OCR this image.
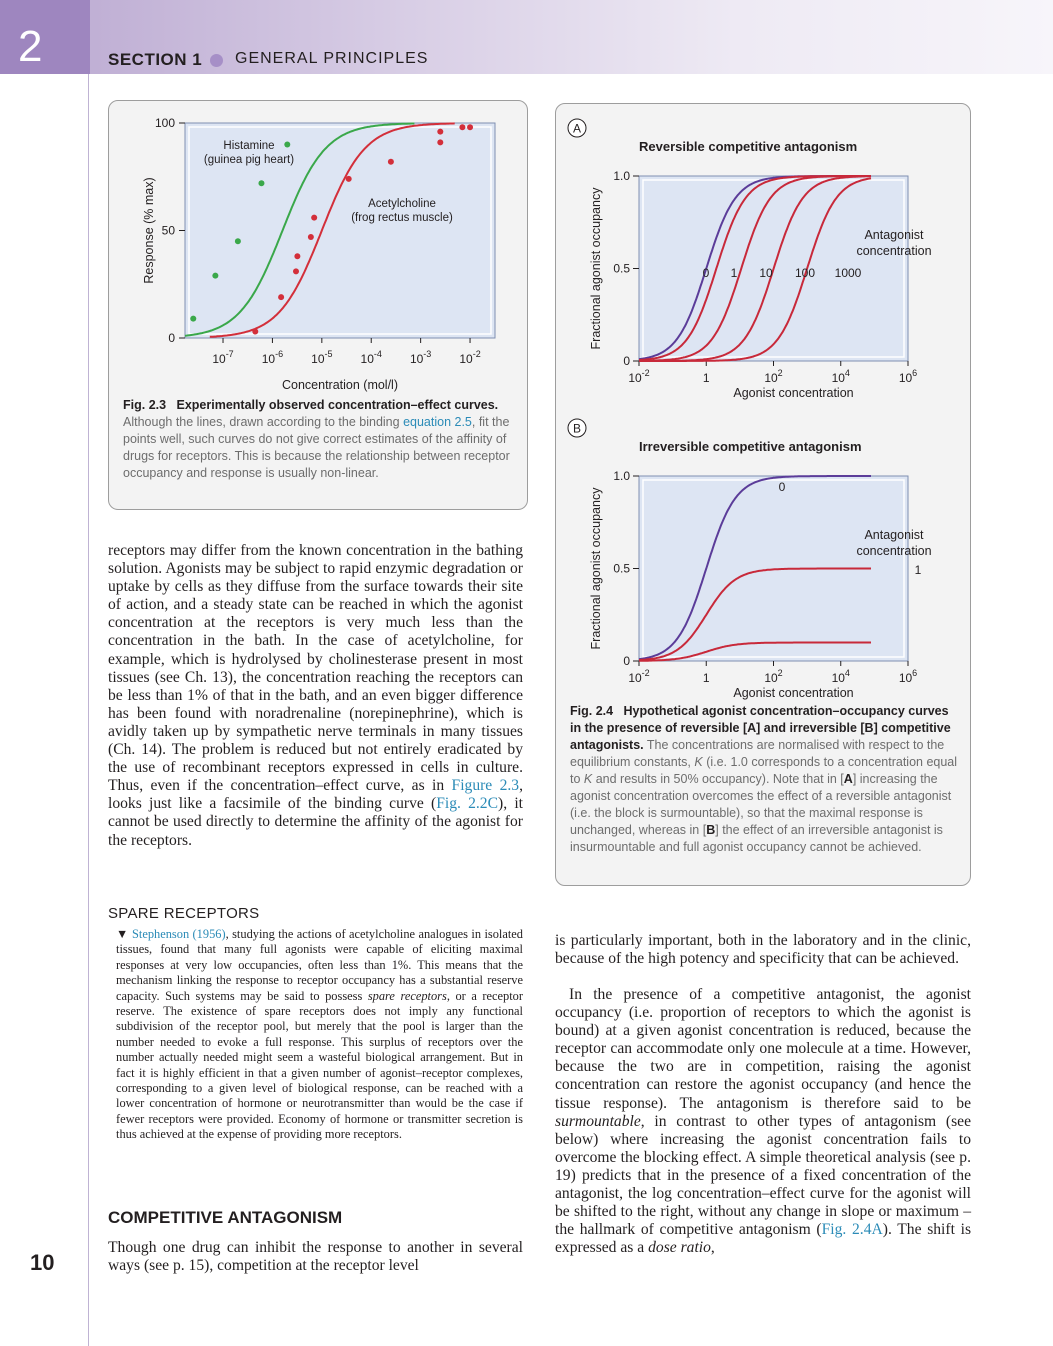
2	SECTION 1 GENERAL PRINCIPLES
0
50
100
$10^{-7}$ $10^{-6}$ $10^{-5}$ $10^{-4}$ $10^{-3}$ $10^{-2}$
Concentration (mol/l)
Response (% max)
Histamine
(guinea pig heart)
Acetylcholine
(frog rectus muscle)
Fig. 2.3 Experimentally observed concentration–effect curves. Although the lines, drawn according to the binding equation 2.5, fit the points well, such curves do not give correct estimates of the affinity of drugs for receptors. This is because the relationship between receptor occupancy and response is usually non-linear.
A
Reversible competitive antagonism
0
0.5
1.0
$10^{-2}$	1	$10^2$	$10^4$	$10^6$
Agonist concentration
Fractional agonist occupancy	Antagonist
concentration
0 1 10 100 1000
B
Irreversible competitive antagonism
0
0.5
1.0
$10^{-2}$	1	$10^2$	$10^4$	$10^6$
Agonist concentration
Fractional agonist occupancy	Antagonist
concentration
0
1
Fig. 2.4 Hypothetical agonist concentration–occupancy curves in the presence of reversible [A] and irreversible [B] competitive antagonists. The concentrations are normalised with respect to the equilibrium constants, K (i.e. 1.0 corresponds to a concentration equal to K and results in 50% occupancy). Note that in [A] increasing the agonist concentration overcomes the effect of a reversible antagonist (i.e. the block is surmountable), so that the maximal response is unchanged, whereas in [B] the effect of an irreversible antagonist is insurmountable and full agonist occupancy cannot be achieved.
receptors may differ from the known concentration in the bathing solution. Agonists may be subject to rapid enzymic degradation or uptake by cells as they diffuse from the surface towards their site of action, and a steady state can be reached in which the agonist concentration at the receptors is very much less than the concentration in the bath. In the case of acetylcholine, for example, which is hydrolysed by cholinesterase present in most tissues (see Ch. 13), the concentration reaching the receptors can be less than 1% of that in the bath, and an even bigger difference has been found with noradrenaline (norepinephrine), which is avidly taken up by sympathetic nerve terminals in many tissues (Ch. 14). The problem is reduced but not entirely eradicated by the use of recombinant receptors expressed in cells in culture. Thus, even if the concentration–effect curve, as in Figure 2.3, looks just like a facsimile of the binding curve (Fig. 2.2C), it cannot be used directly to determine the affinity of the agonist for the receptors.
SPARE RECEPTORS
▼ Stephenson (1956), studying the actions of acetylcholine analogues in isolated tissues, found that many full agonists were capable of eliciting maximal responses at very low occupancies, often less than 1%. This means that the mechanism linking the response to receptor occupancy has a substantial reserve capacity. Such systems may be said to possess spare receptors, or a receptor reserve. The existence of spare receptors does not imply any functional subdivision of the receptor pool, but merely that the pool is larger than the number needed to evoke a full response. This surplus of receptors over the number actually needed might seem a wasteful biological arrangement. But in fact it is highly efficient in that a given number of agonist–receptor complexes, corresponding to a given level of biological response, can be reached with a lower concentration of hormone or neurotransmitter than would be the case if fewer receptors were provided. Economy of hormone or transmitter secretion is thus achieved at the expense of providing more receptors.
COMPETITIVE ANTAGONISM
Though one drug can inhibit the response to another in several ways (see p. 15), competition at the receptor level
10
is particularly important, both in the laboratory and in the clinic, because of the high potency and specificity that can be achieved.
In the presence of a competitive antagonist, the agonist occupancy (i.e. proportion of receptors to which the agonist is bound) at a given agonist concentration is reduced, because the receptor can accommodate only one molecule at a time. However, because the two are in competition, raising the agonist concentration can restore the agonist occupancy (and hence the tissue response). The antagonism is therefore said to be surmountable, in contrast to other types of antagonism (see below) where increasing the agonist concentration fails to overcome the blocking effect. A simple theoretical analysis (see p. 19) predicts that in the presence of a fixed concentration of the antagonist, the log concentration–effect curve for the agonist will be shifted to the right, without any change in slope or maximum – the hallmark of competitive antagonism (Fig. 2.4A). The shift is expressed as a dose ratio,
